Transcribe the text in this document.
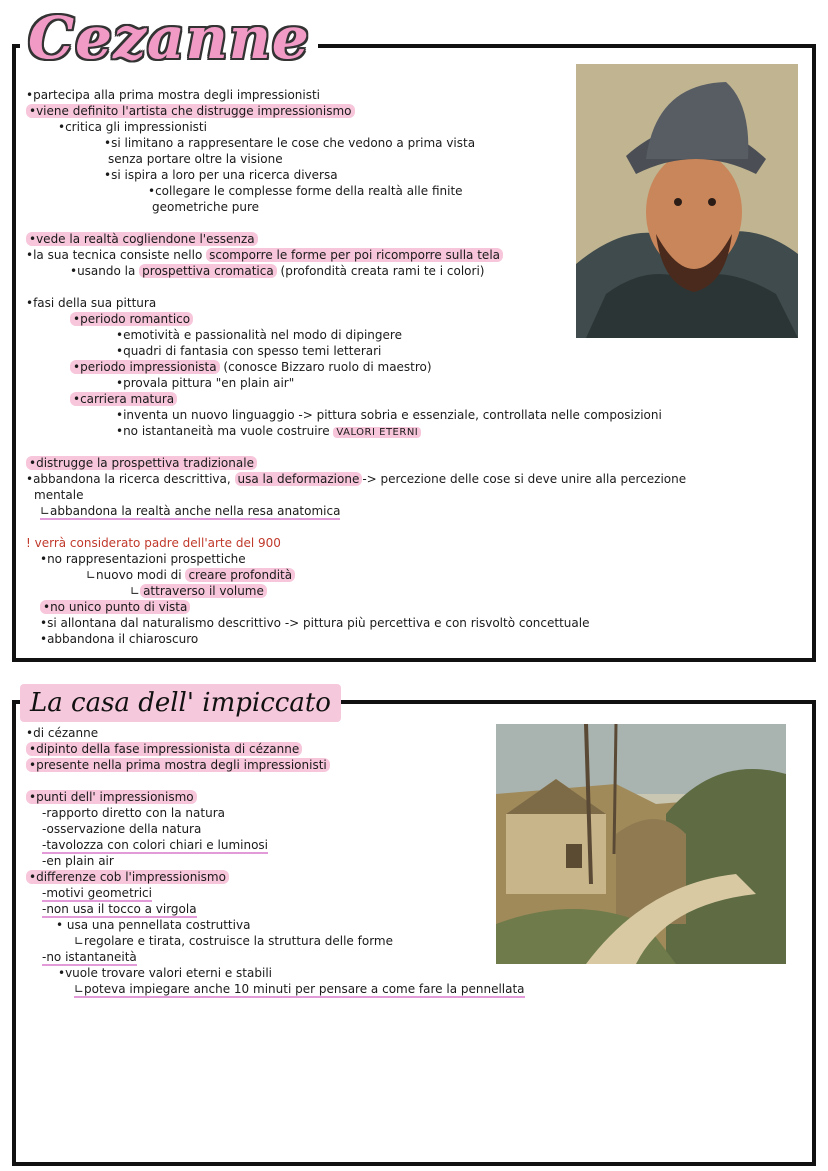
Cezanne
•partecipa alla prima mostra degli impressionisti
•viene definito l'artista che distrugge impressionismo
•critica gli impressionisti
•si limitano a rappresentare le cose che vedono a prima vista
senza portare oltre la visione
•si ispira a loro per una ricerca diversa
•collegare le complesse forme della realtà alle finite
geometriche pure
•vede la realtà cogliendone l'essenza
•la sua tecnica consiste nello scomporre le forme per poi ricomporre sulla tela
•usando la prospettiva cromatica (profondità creata rami te i colori)
•fasi della sua pittura
•periodo romantico
•emotività e passionalità nel modo di dipingere
•quadri di fantasia con spesso temi letterari
•periodo impressionista (conosce Bizzaro ruolo di maestro)
•provala pittura "en plain air"
•carriera matura
•inventa un nuovo linguaggio -> pittura sobria e essenziale, controllata nelle composizioni
•no istantaneità ma vuole costruire VALORI ETERNI
•distrugge la prospettiva tradizionale
•abbandona la ricerca descrittiva, usa la deformazione -> percezione delle cose si deve unire alla percezione
mentale
∟abbandona la realtà anche nella resa anatomica
! verrà considerato padre dell'arte del 900
•no rappresentazioni prospettiche
∟nuovo modi di creare profondità
∟ attraverso il volume
•no unico punto di vista
•si allontana dal naturalismo descrittivo -> pittura più percettiva e con risvoltò concettuale
•abbandona il chiaroscuro
La casa dell' impiccato
•di cézanne
•dipinto della fase impressionista di cézanne
•presente nella prima mostra degli impressionisti
•punti dell' impressionismo
-rapporto diretto con la natura
-osservazione della natura
-tavolozza con colori chiari e luminosi
-en plain air
•differenze cob l'impressionismo
-motivi geometrici
-non usa il tocco a virgola
• usa una pennellata costruttiva
∟regolare e tirata, costruisce la struttura delle forme
-no istantaneità
•vuole trovare valori eterni e stabili
∟poteva impiegare anche 10 minuti per pensare a come fare la pennellata
